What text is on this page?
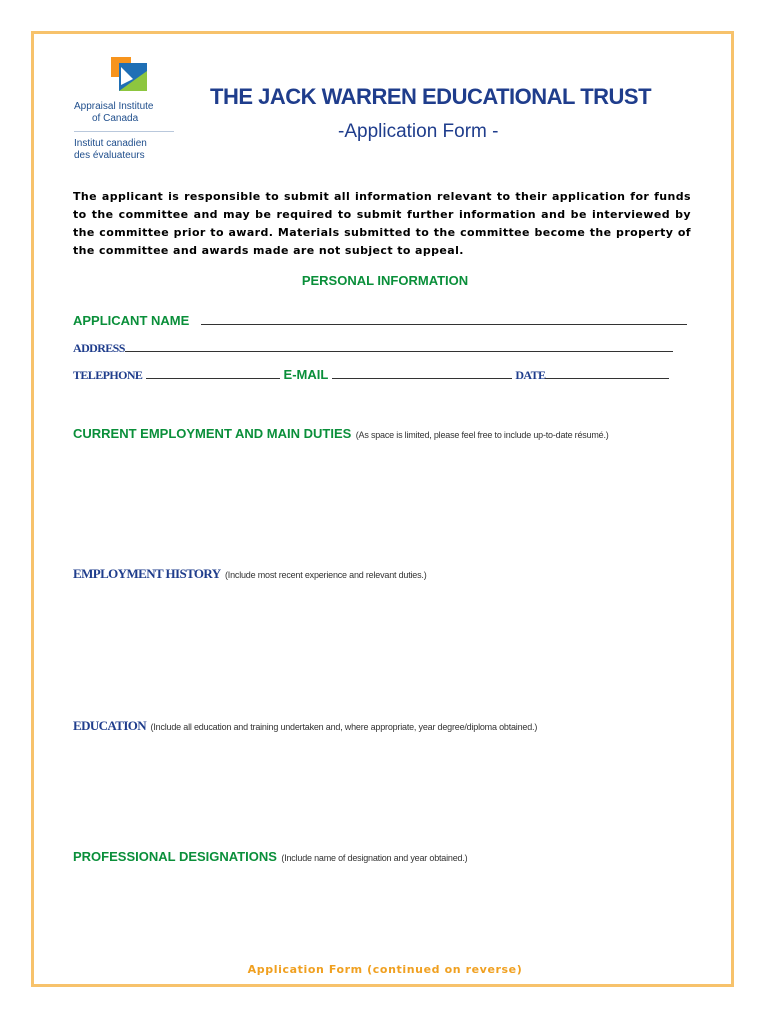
Appraisal Institute
of Canada
Institut canadien
des évaluateurs
THE JACK WARREN EDUCATIONAL TRUST
-Application Form -
The applicant is responsible to submit all information relevant to their application for funds to the committee and may be required to submit further information and be interviewed by the committee prior to award. Materials submitted to the committee become the property of the committee and awards made are not subject to appeal.
PERSONAL INFORMATION
APPLICANT NAME
ADDRESS
TELEPHONE	E-MAIL	DATE
CURRENT EMPLOYMENT AND MAIN DUTIES (As space is limited, please feel free to include up-to-date résumé.)
EMPLOYMENT HISTORY (Include most recent experience and relevant duties.)
EDUCATION (Include all education and training undertaken and, where appropriate, year degree/diploma obtained.)
PROFESSIONAL DESIGNATIONS (Include name of designation and year obtained.)
Application Form (continued on reverse)
